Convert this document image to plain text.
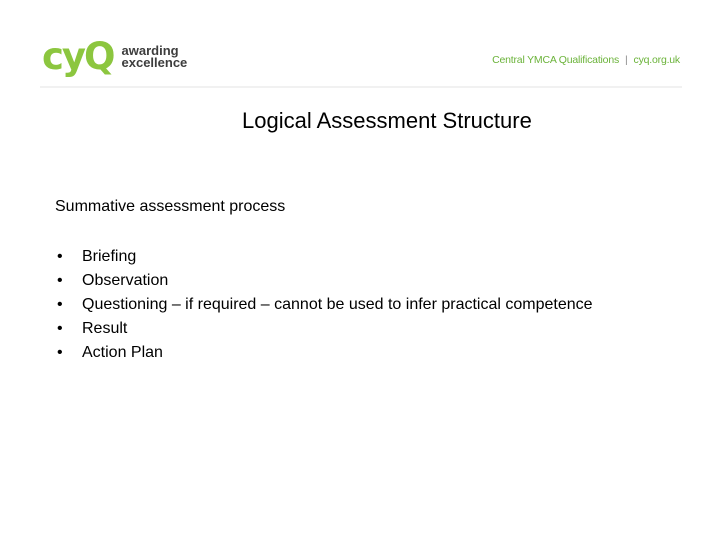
cyQ awarding
excellence	Central YMCA Qualifications | cyq.org.uk
Logical Assessment Structure
Summative assessment process
• Briefing
• Observation
• Questioning – if required – cannot be used to infer practical competence
• Result
• Action Plan
